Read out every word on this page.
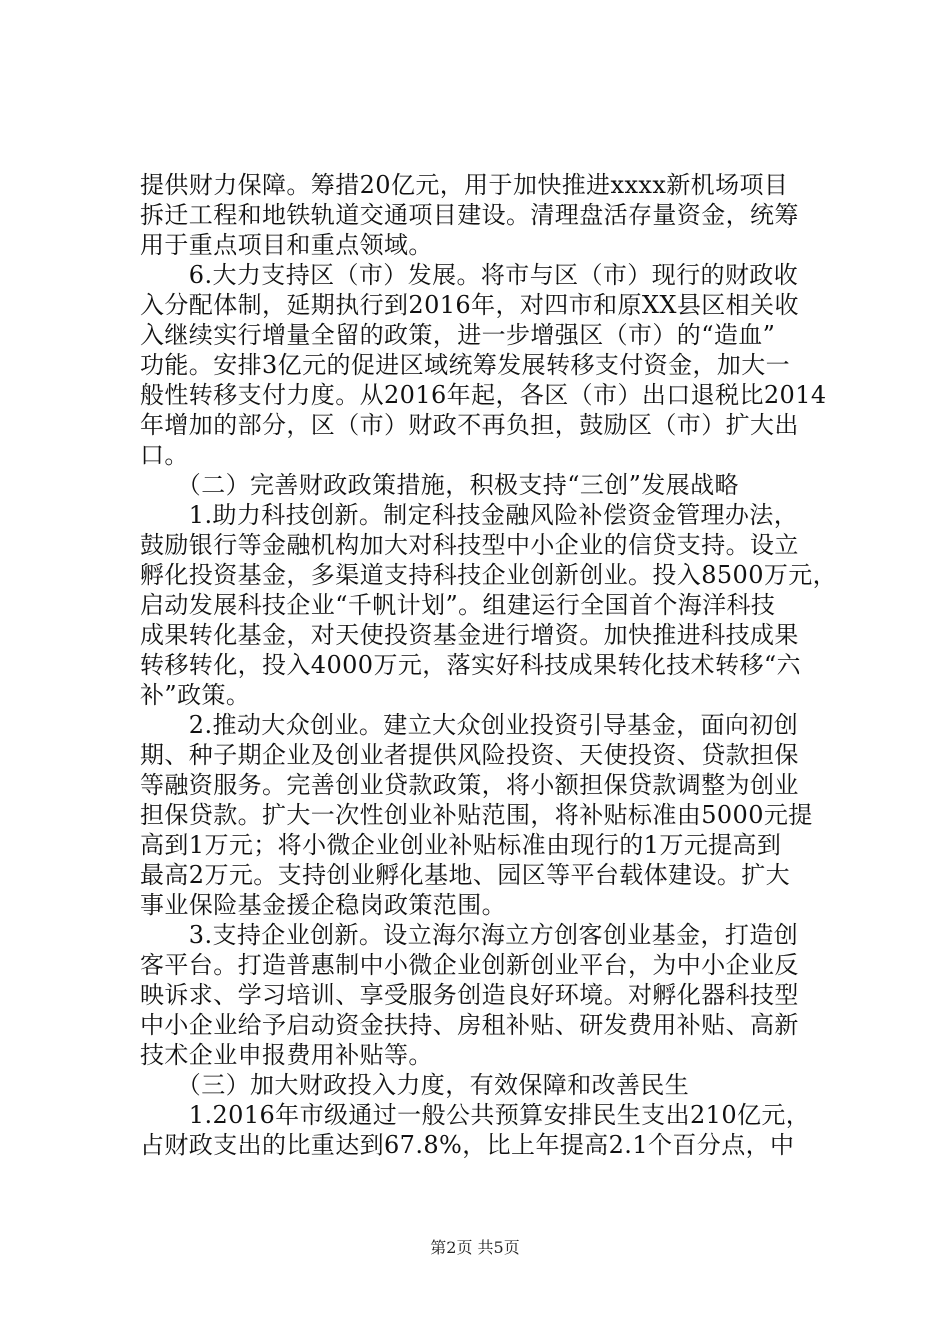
提供财力保障。筹措20亿元，用于加快推进xxxx新机场项目
拆迁工程和地铁轨道交通项目建设。清理盘活存量资金，统筹
用于重点项目和重点领域。
　　6.大力支持区（市）发展。将市与区（市）现行的财政收
入分配体制，延期执行到2016年，对四市和原XX县区相关收
入继续实行增量全留的政策，进一步增强区（市）的“造血”
功能。安排3亿元的促进区域统筹发展转移支付资金，加大一
般性转移支付力度。从2016年起，各区（市）出口退税比2014
年增加的部分，区（市）财政不再负担，鼓励区（市）扩大出
口。
　　（二）完善财政政策措施，积极支持“三创”发展战略
　　1.助力科技创新。制定科技金融风险补偿资金管理办法，
鼓励银行等金融机构加大对科技型中小企业的信贷支持。设立
孵化投资基金，多渠道支持科技企业创新创业。投入8500万元，
启动发展科技企业“千帆计划”。组建运行全国首个海洋科技
成果转化基金，对天使投资基金进行增资。加快推进科技成果
转移转化，投入4000万元，落实好科技成果转化技术转移“六
补”政策。
　　2.推动大众创业。建立大众创业投资引导基金，面向初创
期、种子期企业及创业者提供风险投资、天使投资、贷款担保
等融资服务。完善创业贷款政策，将小额担保贷款调整为创业
担保贷款。扩大一次性创业补贴范围，将补贴标准由5000元提
高到1万元；将小微企业创业补贴标准由现行的1万元提高到
最高2万元。支持创业孵化基地、园区等平台载体建设。扩大
事业保险基金援企稳岗政策范围。
　　3.支持企业创新。设立海尔海立方创客创业基金，打造创
客平台。打造普惠制中小微企业创新创业平台，为中小企业反
映诉求、学习培训、享受服务创造良好环境。对孵化器科技型
中小企业给予启动资金扶持、房租补贴、研发费用补贴、高新
技术企业申报费用补贴等。
　　（三）加大财政投入力度，有效保障和改善民生
　　1.2016年市级通过一般公共预算安排民生支出210亿元，
占财政支出的比重达到67.8%，比上年提高2.1个百分点，中
第2页 共5页
